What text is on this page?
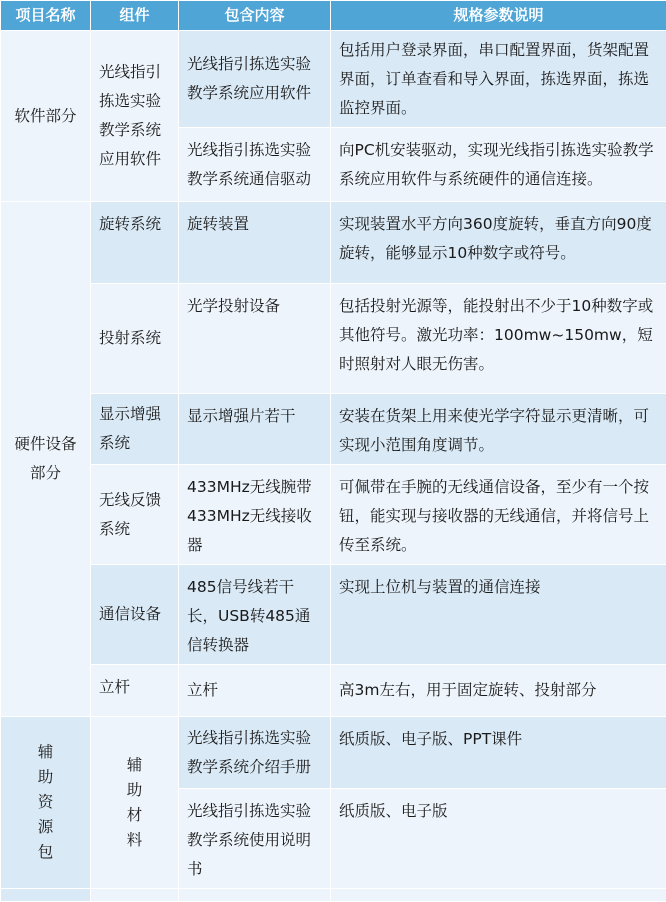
项目名称	组件	包含内容	规格参数说明
软件部分	光线指引拣选实验教学系统应用软件	光线指引拣选实验教学系统应用软件	包括用户登录界面，串口配置界面，货架配置界面，订单查看和导入界面，拣选界面，拣选监控界面。
		光线指引拣选实验教学系统通信驱动	向PC机安装驱动，实现光线指引拣选实验教学系统应用软件与系统硬件的通信连接。
硬件设备部分	旋转系统	旋转装置	实现装置水平方向360度旋转，垂直方向90度旋转，能够显示10种数字或符号。
	投射系统	光学投射设备	包括投射光源等，能投射出不少于10种数字或其他符号。激光功率：100mw~150mw，短时照射对人眼无伤害。
	显示增强系统	显示增强片若干	安装在货架上用来使光学字符显示更清晰，可实现小范围角度调节。
	无线反馈系统	433MHz无线腕带433MHz无线接收器	可佩带在手腕的无线通信设备，至少有一个按钮，能实现与接收器的无线通信，并将信号上传至系统。
	通信设备	485信号线若干长，USB转485通信转换器	实现上位机与装置的通信连接
	立杆	立杆	高3m左右，用于固定旋转、投射部分

辅助资源包	辅助材料	光线指引拣选实验教学系统介绍手册	纸质版、电子版、PPT课件
		光线指引拣选实验教学系统使用说明书	纸质版、电子版
